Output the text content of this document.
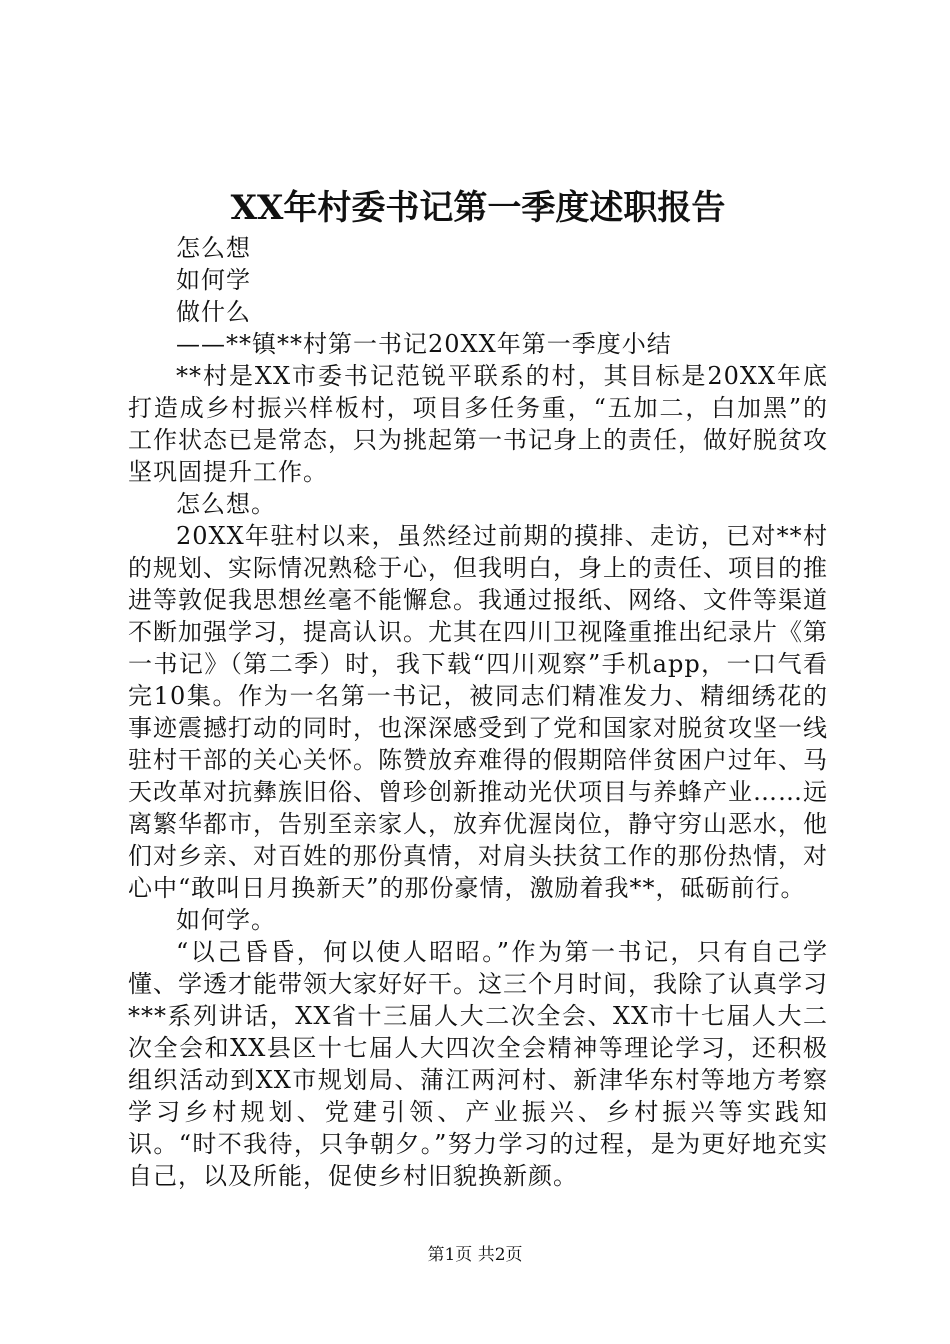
XX年村委书记第一季度述职报告

怎么想

如何学

做什么

——**镇**村第一书记20XX年第一季度小结

**村是XX市委书记范锐平联系的村，其目标是20XX年底打造成乡村振兴样板村，项目多任务重，“五加二，白加黑”的工作状态已是常态，只为挑起第一书记身上的责任，做好脱贫攻坚巩固提升工作。

怎么想。

20XX年驻村以来，虽然经过前期的摸排、走访，已对**村的规划、实际情况熟稔于心，但我明白，身上的责任、项目的推进等敦促我思想丝毫不能懈怠。我通过报纸、网络、文件等渠道不断加强学习，提高认识。尤其在四川卫视隆重推出纪录片《第一书记》（第二季）时，我下载“四川观察”手机app，一口气看完10集。作为一名第一书记，被同志们精准发力、精细绣花的事迹震撼打动的同时，也深深感受到了党和国家对脱贫攻坚一线驻村干部的关心关怀。陈赞放弃难得的假期陪伴贫困户过年、马天改革对抗彝族旧俗、曾珍创新推动光伏项目与养蜂产业……远离繁华都市，告别至亲家人，放弃优渥岗位，静守穷山恶水，他们对乡亲、对百姓的那份真情，对肩头扶贫工作的那份热情，对心中“敢叫日月换新天”的那份豪情，激励着我**，砥砺前行。

如何学。

“以己昏昏，何以使人昭昭。”作为第一书记，只有自己学懂、学透才能带领大家好好干。这三个月时间，我除了认真学习***系列讲话，XX省十三届人大二次全会、XX市十七届人大二次全会和XX县区十七届人大四次全会精神等理论学习，还积极组织活动到XX市规划局、蒲江两河村、新津华东村等地方考察学习乡村规划、党建引领、产业振兴、乡村振兴等实践知识。“时不我待，只争朝夕。”努力学习的过程，是为更好地充实自己，以及所能，促使乡村旧貌换新颜。

第1页 共2页
